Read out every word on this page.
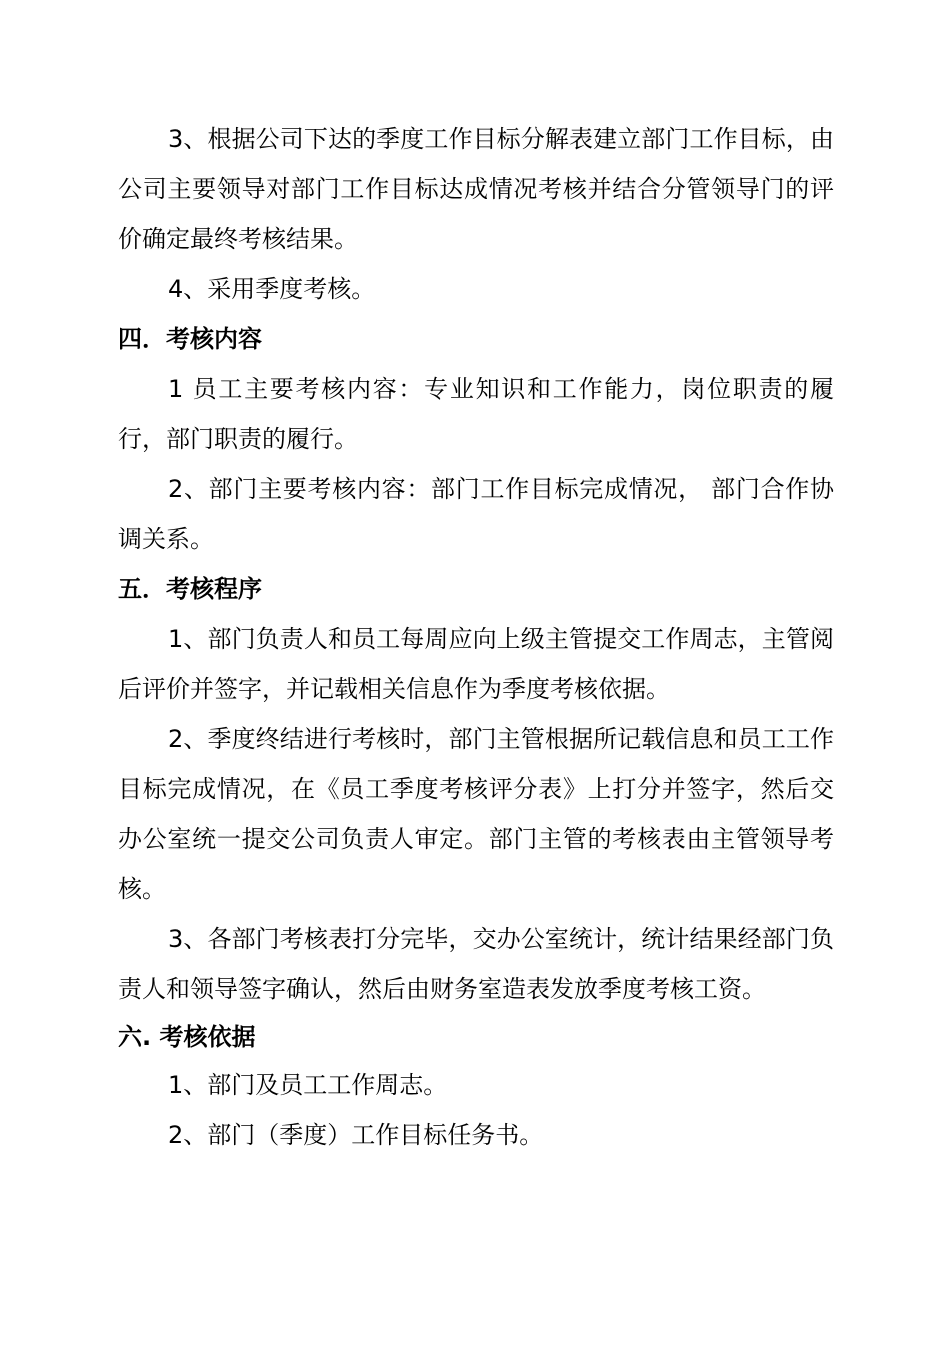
3、根据公司下达的季度工作目标分解表建立部门工作目标，由公司主要领导对部门工作目标达成情况考核并结合分管领导门的评价确定最终考核结果。

4、采用季度考核。

四．考核内容

1 员工主要考核内容：专业知识和工作能力，岗位职责的履行，部门职责的履行。

2、部门主要考核内容：部门工作目标完成情况， 部门合作协调关系。

五．考核程序

1、部门负责人和员工每周应向上级主管提交工作周志，主管阅后评价并签字，并记载相关信息作为季度考核依据。

2、季度终结进行考核时，部门主管根据所记载信息和员工工作目标完成情况，在《员工季度考核评分表》上打分并签字，然后交办公室统一提交公司负责人审定。部门主管的考核表由主管领导考核。

3、各部门考核表打分完毕，交办公室统计，统计结果经部门负责人和领导签字确认，然后由财务室造表发放季度考核工资。

六. 考核依据

1、部门及员工工作周志。

2、部门（季度）工作目标任务书。
